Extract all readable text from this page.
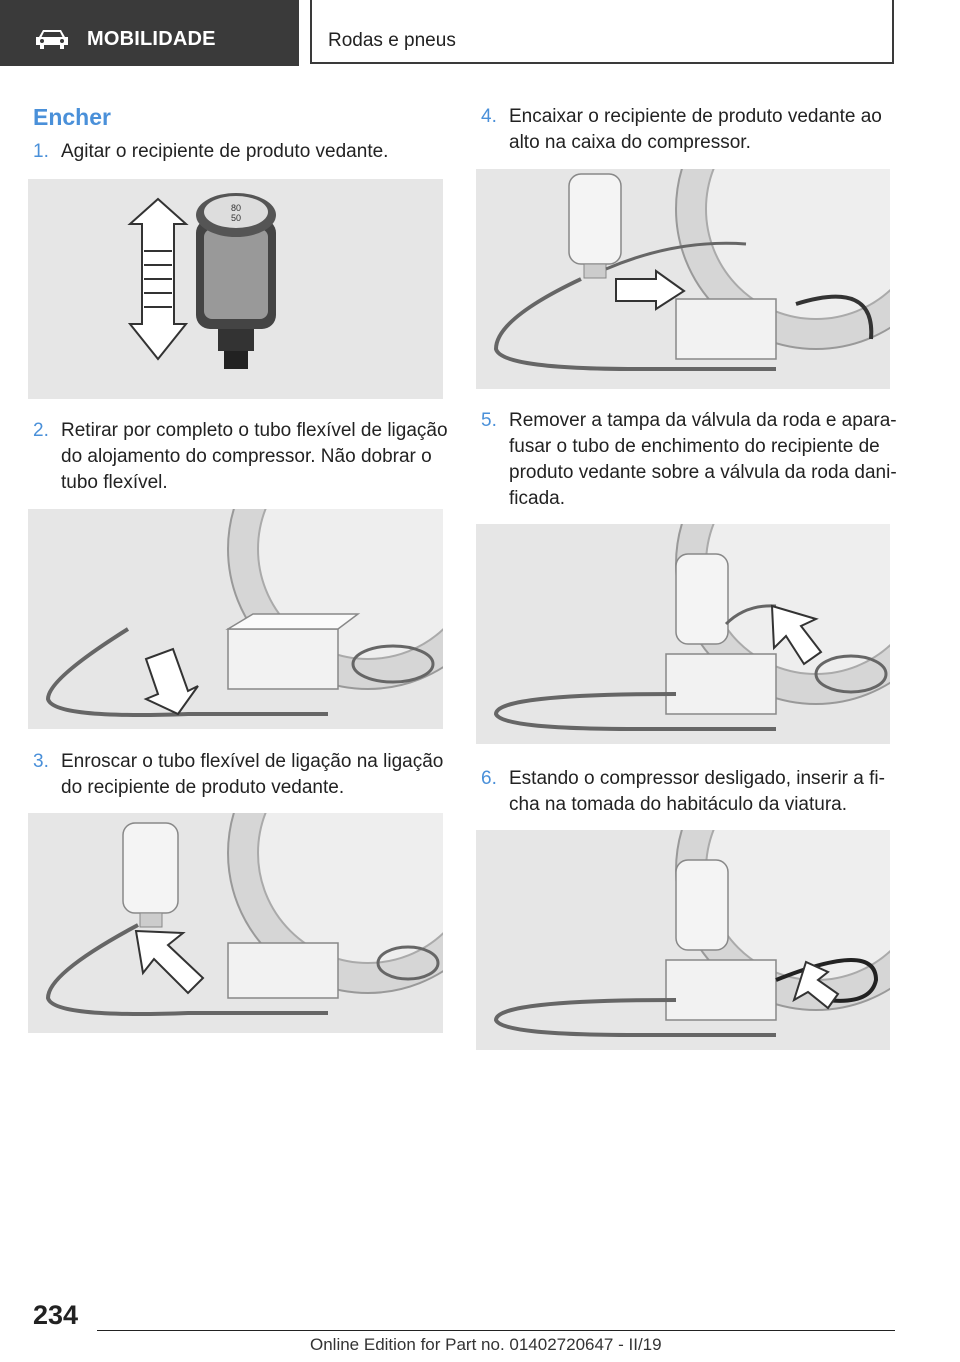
MOBILIDADE	Rodas e pneus
Encher
1. Agitar o recipiente de produto vedante.
80
50
2. Retirar por completo o tubo flexível de ligação
do alojamento do compressor. Não dobrar o
tubo flexível.
3. Enroscar o tubo flexível de ligação na ligação
do recipiente de produto vedante.
4. Encaixar o recipiente de produto vedante ao
alto na caixa do compressor.
5. Remover a tampa da válvula da roda e apara-
fusar o tubo de enchimento do recipiente de
produto vedante sobre a válvula da roda dani-
ficada.
6. Estando o compressor desligado, inserir a fi-
cha na tomada do habitáculo da viatura.
234
Online Edition for Part no. 01402720647 - II/19
